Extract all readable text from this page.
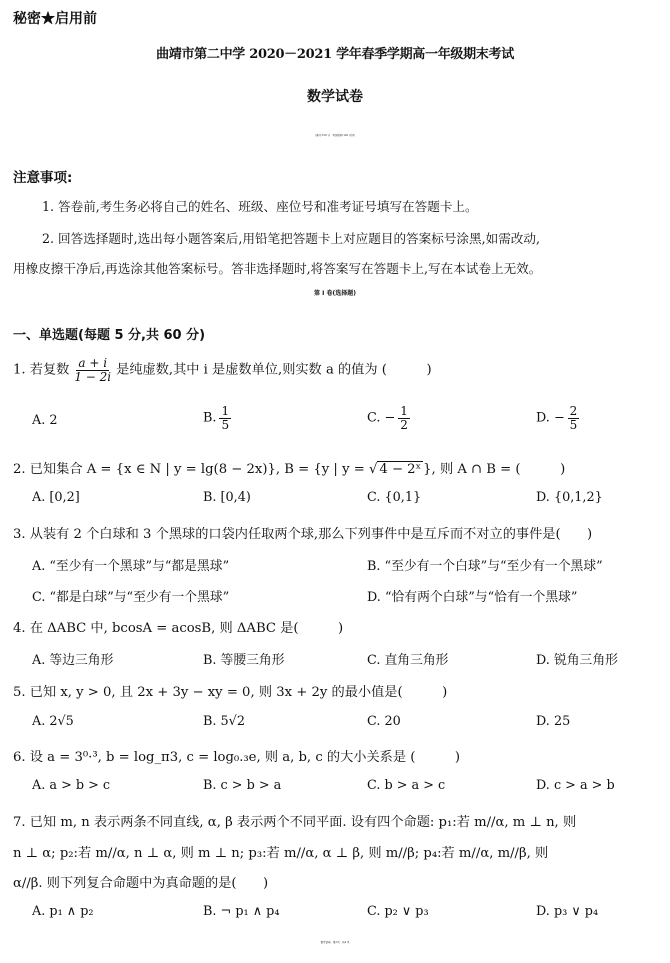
秘密★启用前
曲靖市第二中学 2020－2021 学年春季学期高一年级期末考试
数学试卷
（满分:150 分　考试时间:120 分钟）
注意事项:
1. 答卷前,考生务必将自己的姓名、班级、座位号和准考证号填写在答题卡上。
2. 回答选择题时,选出每小题答案后,用铅笔把答题卡上对应题目的答案标号涂黑,如需改动,
用橡皮擦干净后,再选涂其他答案标号。答非选择题时,将答案写在答题卡上,写在本试卷上无效。
第 I 卷(选择题)
一、单选题(每题 5 分,共 60 分)
1. 若复数 $\frac{a + i}{1 - 2i}$ 是纯虚数,其中 i 是虚数单位,则实数 a 的值为 (　　　)
A. 2	B. $\frac{1}{5}$	C. − $\frac{1}{2}$	D. − $\frac{2}{5}$
2. 已知集合 A = {x ∈ N | y = lg(8 − 2x)}, B = {y | y = √ 4 − 2ˣ }, 则 A ∩ B = (　　　)
A. [0,2]	B. [0,4)	C. {0,1}	D. {0,1,2}
3. 从装有 2 个白球和 3 个黑球的口袋内任取两个球,那么下列事件中是互斥而不对立的事件是(　　)
A. “至少有一个黑球”与“都是黑球”	B. “至少有一个白球”与“至少有一个黑球”
C. “都是白球”与“至少有一个黑球”	D. “恰有两个白球”与“恰有一个黑球”
4. 在 ΔABC 中, bcosA = acosB, 则 ΔABC 是(　　　)
A. 等边三角形	B. 等腰三角形	C. 直角三角形	D. 锐角三角形
5. 已知 x, y > 0, 且 2x + 3y − xy = 0, 则 3x + 2y 的最小值是(　　　)
A. 2√5	B. 5√2	C. 20	D. 25
6. 设 a = 3⁰·³, b = log_π3, c = log₀.₃e, 则 a, b, c 的大小关系是 (　　　)
A. a > b > c	B. c > b > a	C. b > a > c	D. c > a > b
7. 已知 m, n 表示两条不同直线, α, β 表示两个不同平面. 设有四个命题: p₁:若 m//α, m ⊥ n, 则
n ⊥ α; p₂:若 m//α, n ⊥ α, 则 m ⊥ n; p₃:若 m//α, α ⊥ β, 则 m//β; p₄:若 m//α, m//β, 则
α//β. 则下列复合命题中为真命题的是(　　)
A. p₁ ∧ p₂	B. ¬ p₁ ∧ p₄	C. p₂ ∨ p₃	D. p₃ ∨ p₄
数学试卷 · 第1页 · 共4 页
